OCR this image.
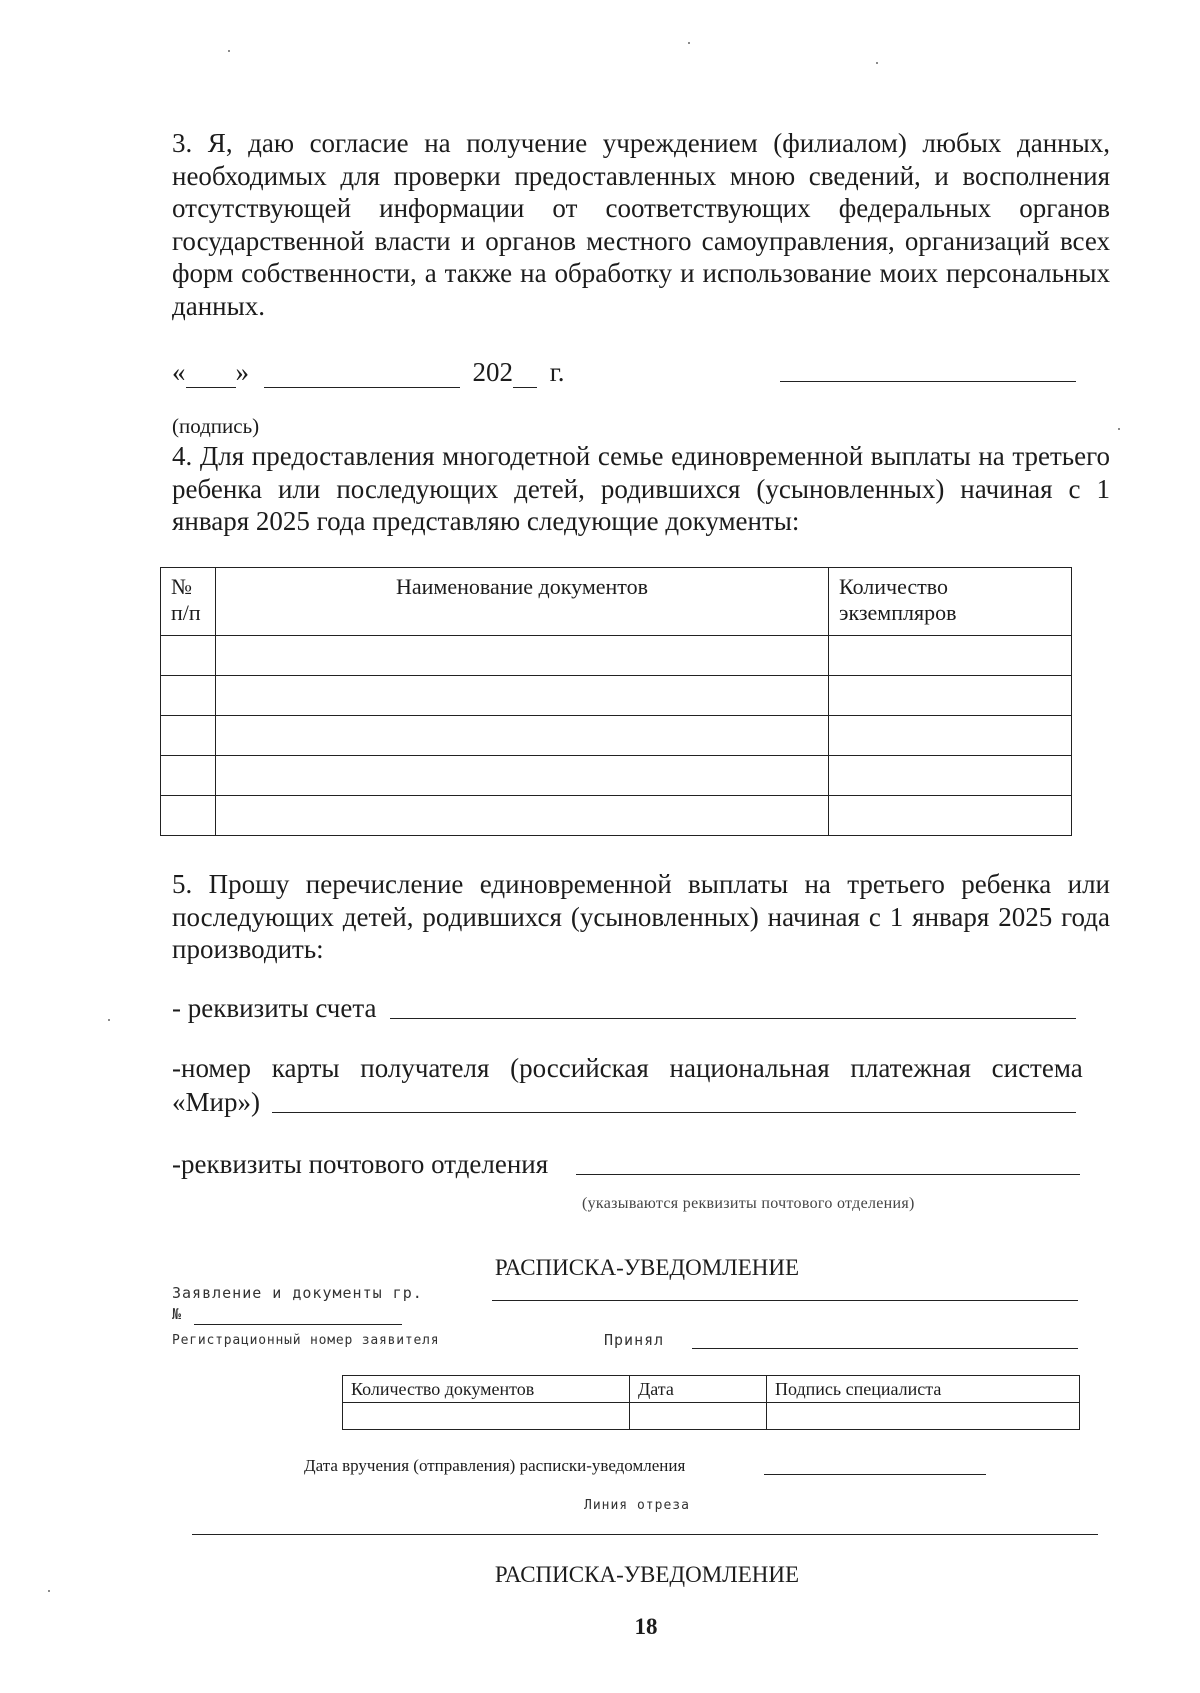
3. Я, даю согласие на получение учреждением (филиалом) любых данных, необходимых для проверки предоставленных мною сведений, и восполнения отсутствующей информации от соответствующих федеральных органов государственной власти и органов местного самоуправления, организаций всех форм собственности, а также на обработку и использование моих персональных данных.
« »	202 г.
(подпись)
4. Для предоставления многодетной семье единовременной выплаты на третьего ребенка или последующих детей, родившихся (усыновленных) начиная с 1 января 2025 года представляю следующие документы:
№ п/п	Наименование документов	Количество экземпляров

5. Прошу перечисление единовременной выплаты на третьего ребенка или последующих детей, родившихся (усыновленных) начиная с 1 января 2025 года производить:
- реквизиты счета
-номер карты получателя (российская национальная платежная система
«Мир»)
-реквизиты почтового отделения
(указываются реквизиты почтового отделения)
РАСПИСКА-УВЕДОМЛЕНИЕ
Заявление и документы гр.
№
Регистрационный номер заявителя	Принял
Количество документов	Дата	Подпись специалиста

Дата вручения (отправления) расписки-уведомления
Линия отреза
РАСПИСКА-УВЕДОМЛЕНИЕ
18
